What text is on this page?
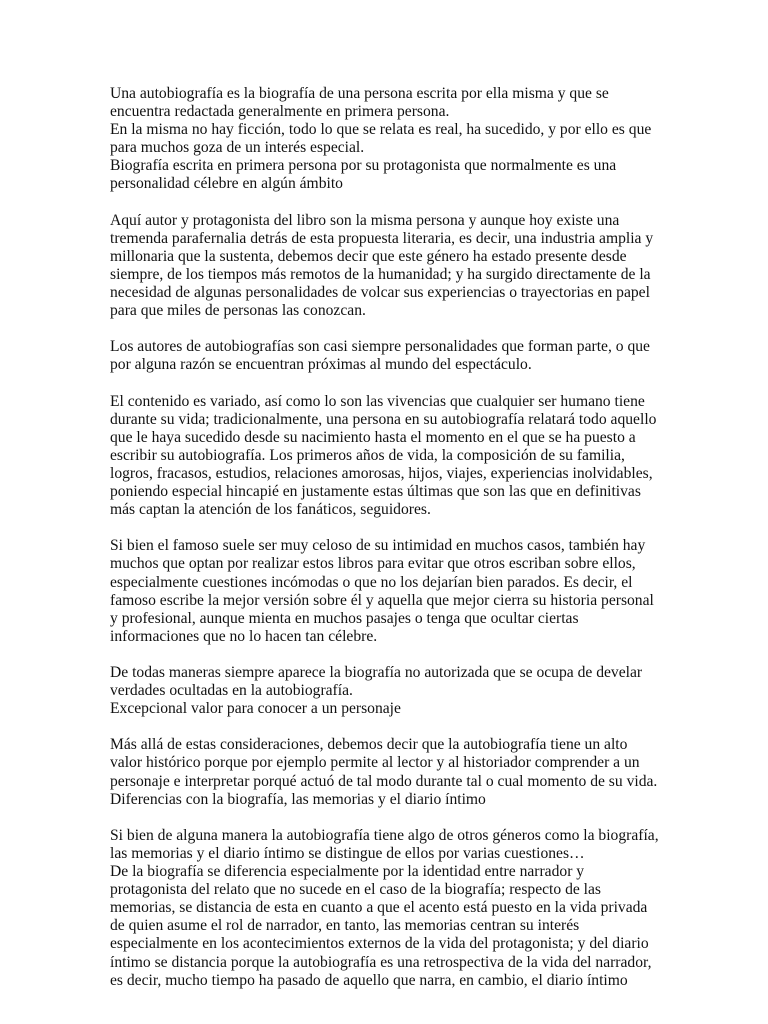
Una autobiografía es la biografía de una persona escrita por ella misma y que se
encuentra redactada generalmente en primera persona.
En la misma no hay ficción, todo lo que se relata es real, ha sucedido, y por ello es que
para muchos goza de un interés especial.
Biografía escrita en primera persona por su protagonista que normalmente es una
personalidad célebre en algún ámbito
Aquí autor y protagonista del libro son la misma persona y aunque hoy existe una
tremenda parafernalia detrás de esta propuesta literaria, es decir, una industria amplia y
millonaria que la sustenta, debemos decir que este género ha estado presente desde
siempre, de los tiempos más remotos de la humanidad; y ha surgido directamente de la
necesidad de algunas personalidades de volcar sus experiencias o trayectorias en papel
para que miles de personas las conozcan.
Los autores de autobiografías son casi siempre personalidades que forman parte, o que
por alguna razón se encuentran próximas al mundo del espectáculo.
El contenido es variado, así como lo son las vivencias que cualquier ser humano tiene
durante su vida; tradicionalmente, una persona en su autobiografía relatará todo aquello
que le haya sucedido desde su nacimiento hasta el momento en el que se ha puesto a
escribir su autobiografía. Los primeros años de vida, la composición de su familia,
logros, fracasos, estudios, relaciones amorosas, hijos, viajes, experiencias inolvidables,
poniendo especial hincapié en justamente estas últimas que son las que en definitivas
más captan la atención de los fanáticos, seguidores.
Si bien el famoso suele ser muy celoso de su intimidad en muchos casos, también hay
muchos que optan por realizar estos libros para evitar que otros escriban sobre ellos,
especialmente cuestiones incómodas o que no los dejarían bien parados. Es decir, el
famoso escribe la mejor versión sobre él y aquella que mejor cierra su historia personal
y profesional, aunque mienta en muchos pasajes o tenga que ocultar ciertas
informaciones que no lo hacen tan célebre.
De todas maneras siempre aparece la biografía no autorizada que se ocupa de develar
verdades ocultadas en la autobiografía.
Excepcional valor para conocer a un personaje
Más allá de estas consideraciones, debemos decir que la autobiografía tiene un alto
valor histórico porque por ejemplo permite al lector y al historiador comprender a un
personaje e interpretar porqué actuó de tal modo durante tal o cual momento de su vida.
Diferencias con la biografía, las memorias y el diario íntimo
Si bien de alguna manera la autobiografía tiene algo de otros géneros como la biografía,
las memorias y el diario íntimo se distingue de ellos por varias cuestiones…
De la biografía se diferencia especialmente por la identidad entre narrador y
protagonista del relato que no sucede en el caso de la biografía; respecto de las
memorias, se distancia de esta en cuanto a que el acento está puesto en la vida privada
de quien asume el rol de narrador, en tanto, las memorias centran su interés
especialmente en los acontecimientos externos de la vida del protagonista; y del diario
íntimo se distancia porque la autobiografía es una retrospectiva de la vida del narrador,
es decir, mucho tiempo ha pasado de aquello que narra, en cambio, el diario íntimo
